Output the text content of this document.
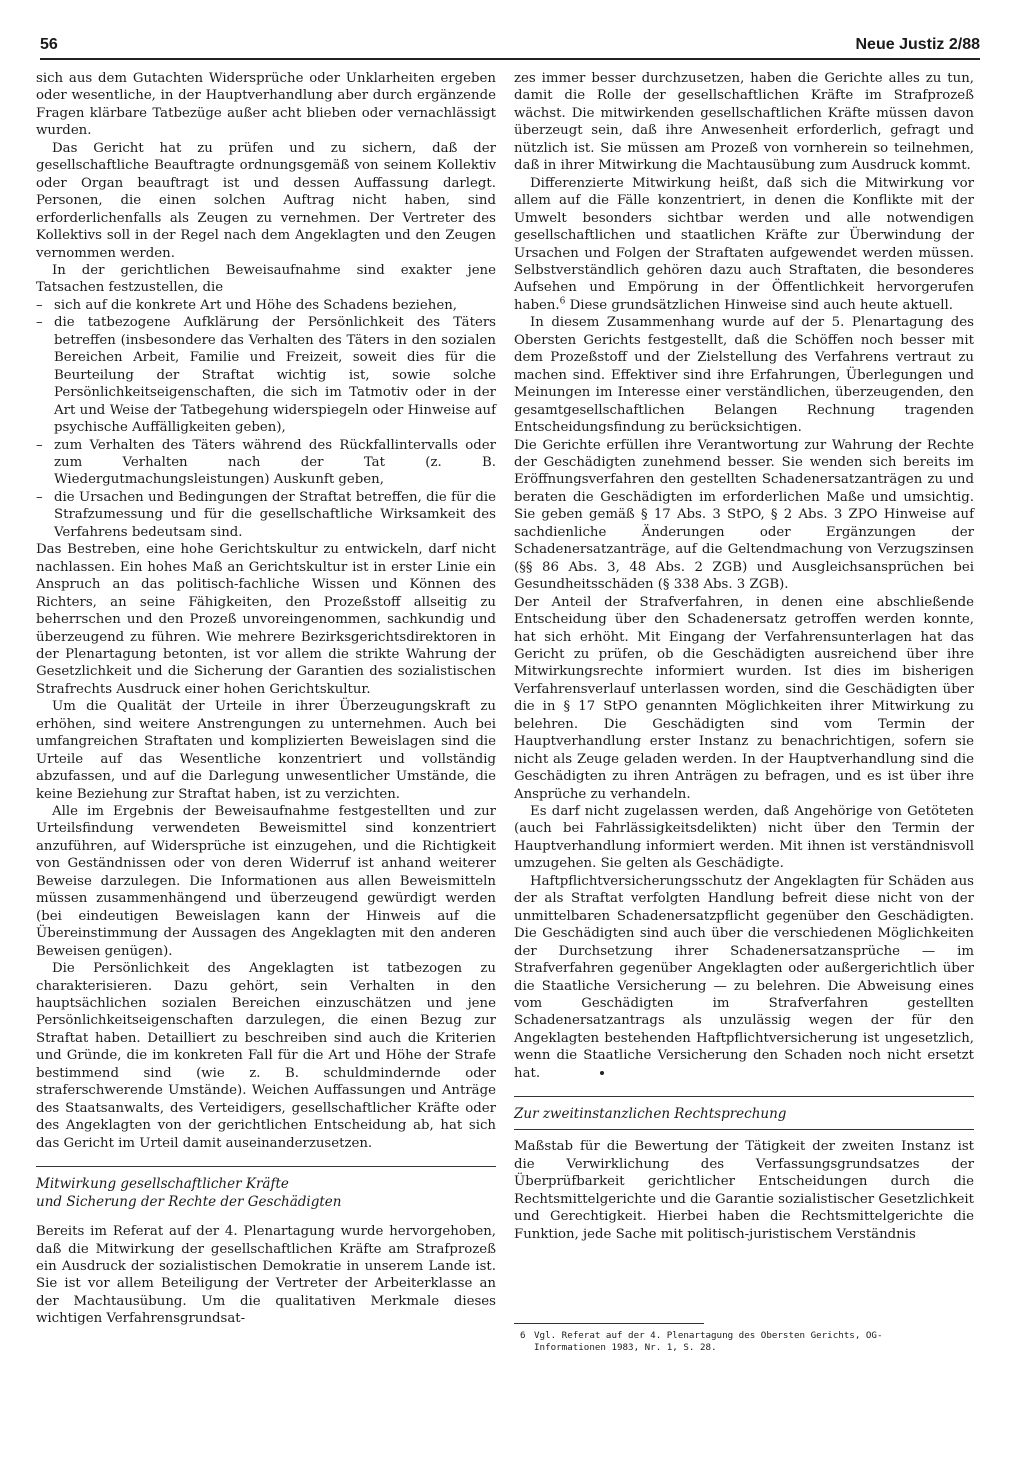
56	Neue Justiz 2/88

sich aus dem Gutachten Widersprüche oder Unklarheiten ergeben oder wesentliche, in der Hauptverhandlung aber durch ergänzende Fragen klärbare Tatbezüge außer acht blieben oder vernachlässigt wurden.

Das Gericht hat zu prüfen und zu sichern, daß der gesellschaftliche Beauftragte ordnungsgemäß von seinem Kollektiv oder Organ beauftragt ist und dessen Auffassung darlegt. Personen, die einen solchen Auftrag nicht haben, sind erforderlichenfalls als Zeugen zu vernehmen. Der Vertreter des Kollektivs soll in der Regel nach dem Angeklagten und den Zeugen vernommen werden.

In der gerichtlichen Beweisaufnahme sind exakter jene Tatsachen festzustellen, die

– sich auf die konkrete Art und Höhe des Schadens beziehen,
– die tatbezogene Aufklärung der Persönlichkeit des Täters betreffen (insbesondere das Verhalten des Täters in den sozialen Bereichen Arbeit, Familie und Freizeit, soweit dies für die Beurteilung der Straftat wichtig ist, sowie solche Persönlichkeitseigenschaften, die sich im Tatmotiv oder in der Art und Weise der Tatbegehung widerspiegeln oder Hinweise auf psychische Auffälligkeiten geben),
– zum Verhalten des Täters während des Rückfallintervalls oder zum Verhalten nach der Tat (z. B. Wiedergutmachungsleistungen) Auskunft geben,
– die Ursachen und Bedingungen der Straftat betreffen, die für die Strafzumessung und für die gesellschaftliche Wirksamkeit des Verfahrens bedeutsam sind.

Das Bestreben, eine hohe Gerichtskultur zu entwickeln, darf nicht nachlassen. Ein hohes Maß an Gerichtskultur ist in erster Linie ein Anspruch an das politisch-fachliche Wissen und Können des Richters, an seine Fähigkeiten, den Prozeßstoff allseitig zu beherrschen und den Prozeß unvoreingenommen, sachkundig und überzeugend zu führen. Wie mehrere Bezirksgerichtsdirektoren in der Plenartagung betonten, ist vor allem die strikte Wahrung der Gesetzlichkeit und die Sicherung der Garantien des sozialistischen Strafrechts Ausdruck einer hohen Gerichtskultur.

Um die Qualität der Urteile in ihrer Überzeugungskraft zu erhöhen, sind weitere Anstrengungen zu unternehmen. Auch bei umfangreichen Straftaten und komplizierten Beweislagen sind die Urteile auf das Wesentliche konzentriert und vollständig abzufassen, und auf die Darlegung unwesentlicher Umstände, die keine Beziehung zur Straftat haben, ist zu verzichten.

Alle im Ergebnis der Beweisaufnahme festgestellten und zur Urteilsfindung verwendeten Beweismittel sind konzentriert anzuführen, auf Widersprüche ist einzugehen, und die Richtigkeit von Geständnissen oder von deren Widerruf ist anhand weiterer Beweise darzulegen. Die Informationen aus allen Beweismitteln müssen zusammenhängend und überzeugend gewürdigt werden (bei eindeutigen Beweislagen kann der Hinweis auf die Übereinstimmung der Aussagen des Angeklagten mit den anderen Beweisen genügen).

Die Persönlichkeit des Angeklagten ist tatbezogen zu charakterisieren. Dazu gehört, sein Verhalten in den hauptsächlichen sozialen Bereichen einzuschätzen und jene Persönlichkeitseigenschaften darzulegen, die einen Bezug zur Straftat haben. Detailliert zu beschreiben sind auch die Kriterien und Gründe, die im konkreten Fall für die Art und Höhe der Strafe bestimmend sind (wie z. B. schuldmindernde oder straferschwerende Umstände). Weichen Auffassungen und Anträge des Staatsanwalts, des Verteidigers, gesellschaftlicher Kräfte oder des Angeklagten von der gerichtlichen Entscheidung ab, hat sich das Gericht im Urteil damit auseinanderzusetzen.

Mitwirkung gesellschaftlicher Kräfte
und Sicherung der Rechte der Geschädigten

Bereits im Referat auf der 4. Plenartagung wurde hervorgehoben, daß die Mitwirkung der gesellschaftlichen Kräfte am Strafprozeß ein Ausdruck der sozialistischen Demokratie in unserem Lande ist. Sie ist vor allem Beteiligung der Vertreter der Arbeiterklasse an der Machtausübung. Um die qualitativen Merkmale dieses wichtigen Verfahrensgrundsat-

zes immer besser durchzusetzen, haben die Gerichte alles zu tun, damit die Rolle der gesellschaftlichen Kräfte im Strafprozeß wächst. Die mitwirkenden gesellschaftlichen Kräfte müssen davon überzeugt sein, daß ihre Anwesenheit erforderlich, gefragt und nützlich ist. Sie müssen am Prozeß von vornherein so teilnehmen, daß in ihrer Mitwirkung die Machtausübung zum Ausdruck kommt.

Differenzierte Mitwirkung heißt, daß sich die Mitwirkung vor allem auf die Fälle konzentriert, in denen die Konflikte mit der Umwelt besonders sichtbar werden und alle notwendigen gesellschaftlichen und staatlichen Kräfte zur Überwindung der Ursachen und Folgen der Straftaten aufgewendet werden müssen. Selbstverständlich gehören dazu auch Straftaten, die besonderes Aufsehen und Empörung in der Öffentlichkeit hervorgerufen haben.$^6$ Diese grundsätzlichen Hinweise sind auch heute aktuell.

In diesem Zusammenhang wurde auf der 5. Plenartagung des Obersten Gerichts festgestellt, daß die Schöffen noch besser mit dem Prozeßstoff und der Zielstellung des Verfahrens vertraut zu machen sind. Effektiver sind ihre Erfahrungen, Überlegungen und Meinungen im Interesse einer verständlichen, überzeugenden, den gesamtgesellschaftlichen Belangen Rechnung tragenden Entscheidungsfindung zu berücksichtigen.

Die Gerichte erfüllen ihre Verantwortung zur Wahrung der Rechte der Geschädigten zunehmend besser. Sie wenden sich bereits im Eröffnungsverfahren den gestellten Schadenersatzanträgen zu und beraten die Geschädigten im erforderlichen Maße und umsichtig. Sie geben gemäß § 17 Abs. 3 StPO, § 2 Abs. 3 ZPO Hinweise auf sachdienliche Änderungen oder Ergänzungen der Schadenersatzanträge, auf die Geltendmachung von Verzugszinsen (§§ 86 Abs. 3, 48 Abs. 2 ZGB) und Ausgleichsansprüchen bei Gesundheitsschäden (§ 338 Abs. 3 ZGB).

Der Anteil der Strafverfahren, in denen eine abschließende Entscheidung über den Schadenersatz getroffen werden konnte, hat sich erhöht. Mit Eingang der Verfahrensunterlagen hat das Gericht zu prüfen, ob die Geschädigten ausreichend über ihre Mitwirkungsrechte informiert wurden. Ist dies im bisherigen Verfahrensverlauf unterlassen worden, sind die Geschädigten über die in § 17 StPO genannten Möglichkeiten ihrer Mitwirkung zu belehren. Die Geschädigten sind vom Termin der Hauptverhandlung erster Instanz zu benachrichtigen, sofern sie nicht als Zeuge geladen werden. In der Hauptverhandlung sind die Geschädigten zu ihren Anträgen zu befragen, und es ist über ihre Ansprüche zu verhandeln.

Es darf nicht zugelassen werden, daß Angehörige von Getöteten (auch bei Fahrlässigkeitsdelikten) nicht über den Termin der Hauptverhandlung informiert werden. Mit ihnen ist verständnisvoll umzugehen. Sie gelten als Geschädigte.

Haftpflichtversicherungsschutz der Angeklagten für Schäden aus der als Straftat verfolgten Handlung befreit diese nicht von der unmittelbaren Schadenersatzpflicht gegenüber den Geschädigten. Die Geschädigten sind auch über die verschiedenen Möglichkeiten der Durchsetzung ihrer Schadenersatzansprüche — im Strafverfahren gegenüber Angeklagten oder außergerichtlich über die Staatliche Versicherung — zu belehren. Die Abweisung eines vom Geschädigten im Strafverfahren gestellten Schadenersatzantrags als unzulässig wegen der für den Angeklagten bestehenden Haftpflichtversicherung ist ungesetzlich, wenn die Staatliche Versicherung den Schaden noch nicht ersetzt hat.

Zur zweitinstanzlichen Rechtsprechung

Maßstab für die Bewertung der Tätigkeit der zweiten Instanz ist die Verwirklichung des Verfassungsgrundsatzes der Überprüfbarkeit gerichtlicher Entscheidungen durch die Rechtsmittelgerichte und die Garantie sozialistischer Gesetzlichkeit und Gerechtigkeit. Hierbei haben die Rechtsmittelgerichte die Funktion, jede Sache mit politisch-juristischem Verständnis

6 Vgl. Referat auf der 4. Plenartagung des Obersten Gerichts, OG-
Informationen 1983, Nr. 1, S. 28.
